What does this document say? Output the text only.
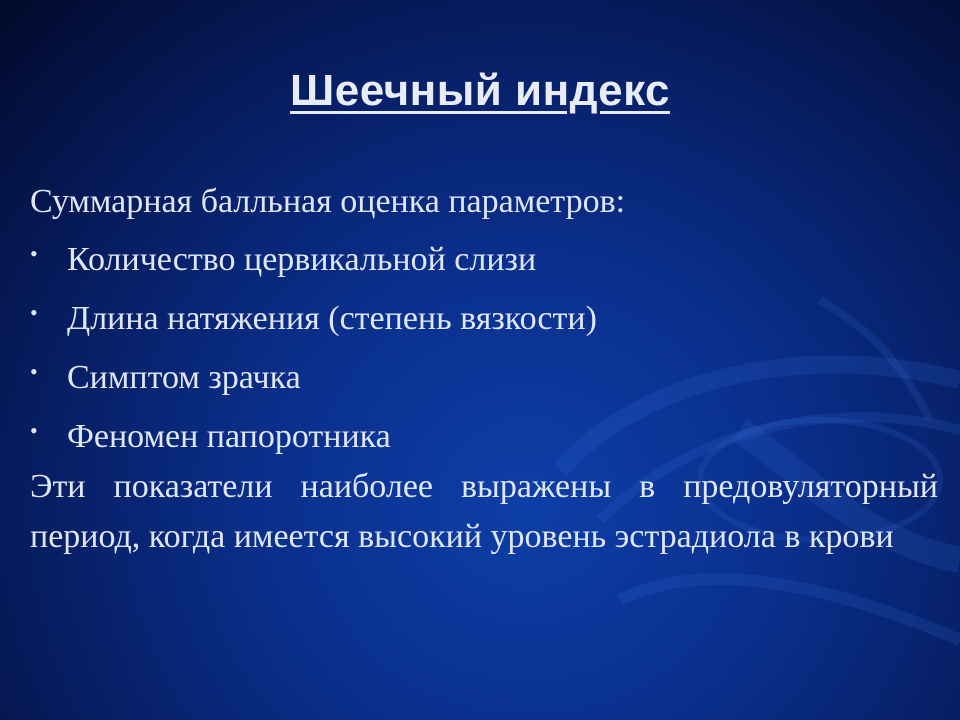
Шеечный индекс

Суммарная балльная оценка параметров:

• Количество цервикальной слизи
• Длина натяжения (степень вязкости)
• Симптом зрачка
• Феномен папоротника

Эти показатели наиболее выражены в предовуляторный период, когда имеется высокий уровень эстрадиола в крови
